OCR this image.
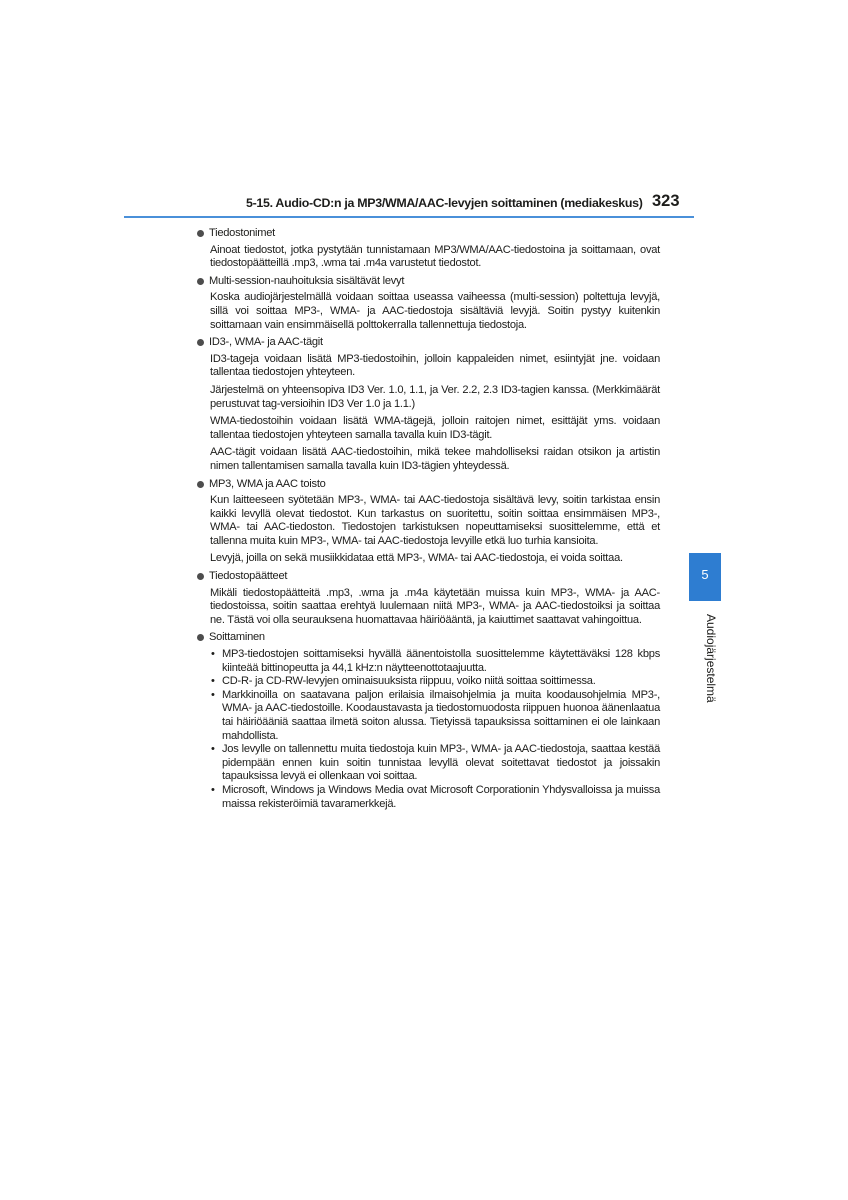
5-15. Audio-CD:n ja MP3/WMA/AAC-levyjen soittaminen (mediakeskus) 323
5
Audiojärjestelmä
Tiedostonimet

Ainoat tiedostot, jotka pystytään tunnistamaan MP3/WMA/AAC-tiedostoina ja soittamaan, ovat tiedostopäätteillä .mp3, .wma tai .m4a varustetut tiedostot.

Multi-session-nauhoituksia sisältävät levyt

Koska audiojärjestelmällä voidaan soittaa useassa vaiheessa (multi-session) poltettuja levyjä, sillä voi soittaa MP3-, WMA- ja AAC-tiedostoja sisältäviä levyjä. Soitin pystyy kuitenkin soittamaan vain ensimmäisellä polttokerralla tallennettuja tiedostoja.

ID3-, WMA- ja AAC-tägit

ID3-tageja voidaan lisätä MP3-tiedostoihin, jolloin kappaleiden nimet, esiintyjät jne. voidaan tallentaa tiedostojen yhteyteen.

Järjestelmä on yhteensopiva ID3 Ver. 1.0, 1.1, ja Ver. 2.2, 2.3 ID3-tagien kanssa. (Merkkimäärät perustuvat tag-versioihin ID3 Ver 1.0 ja 1.1.)

WMA-tiedostoihin voidaan lisätä WMA-tägejä, jolloin raitojen nimet, esittäjät yms. voidaan tallentaa tiedostojen yhteyteen samalla tavalla kuin ID3-tägit.

AAC-tägit voidaan lisätä AAC-tiedostoihin, mikä tekee mahdolliseksi raidan otsikon ja artistin nimen tallentamisen samalla tavalla kuin ID3-tägien yhteydessä.

MP3, WMA ja AAC toisto

Kun laitteeseen syötetään MP3-, WMA- tai AAC-tiedostoja sisältävä levy, soitin tarkistaa ensin kaikki levyllä olevat tiedostot. Kun tarkastus on suoritettu, soitin soittaa ensimmäisen MP3-, WMA- tai AAC-tiedoston. Tiedostojen tarkistuksen nopeuttamiseksi suosittelemme, että et tallenna muita kuin MP3-, WMA- tai AAC-tiedostoja levyille etkä luo turhia kansioita.

Levyjä, joilla on sekä musiikkidataa että MP3-, WMA- tai AAC-tiedostoja, ei voida soittaa.

Tiedostopäätteet

Mikäli tiedostopäätteitä .mp3, .wma ja .m4a käytetään muissa kuin MP3-, WMA- ja AAC-tiedostoissa, soitin saattaa erehtyä luulemaan niitä MP3-, WMA- ja AAC-tiedostoiksi ja soittaa ne. Tästä voi olla seurauksena huomattavaa häiriöääntä, ja kaiuttimet saattavat vahingoittua.

Soittaminen
• MP3-tiedostojen soittamiseksi hyvällä äänentoistolla suosittelemme käytettäväksi 128 kbps kiinteää bittinopeutta ja 44,1 kHz:n näytteenottotaajuutta.
• CD-R- ja CD-RW-levyjen ominaisuuksista riippuu, voiko niitä soittaa soittimessa.
• Markkinoilla on saatavana paljon erilaisia ilmaisohjelmia ja muita koodausohjelmia MP3-, WMA- ja AAC-tiedostoille. Koodaustavasta ja tiedostomuodosta riippuen huonoa äänenlaatua tai häiriöääniä saattaa ilmetä soiton alussa. Tietyissä tapauksissa soittaminen ei ole lainkaan mahdollista.
• Jos levylle on tallennettu muita tiedostoja kuin MP3-, WMA- ja AAC-tiedostoja, saattaa kestää pidempään ennen kuin soitin tunnistaa levyllä olevat soitettavat tiedostot ja joissakin tapauksissa levyä ei ollenkaan voi soittaa.
• Microsoft, Windows ja Windows Media ovat Microsoft Corporationin Yhdysvalloissa ja muissa maissa rekisteröimiä tavaramerkkejä.
